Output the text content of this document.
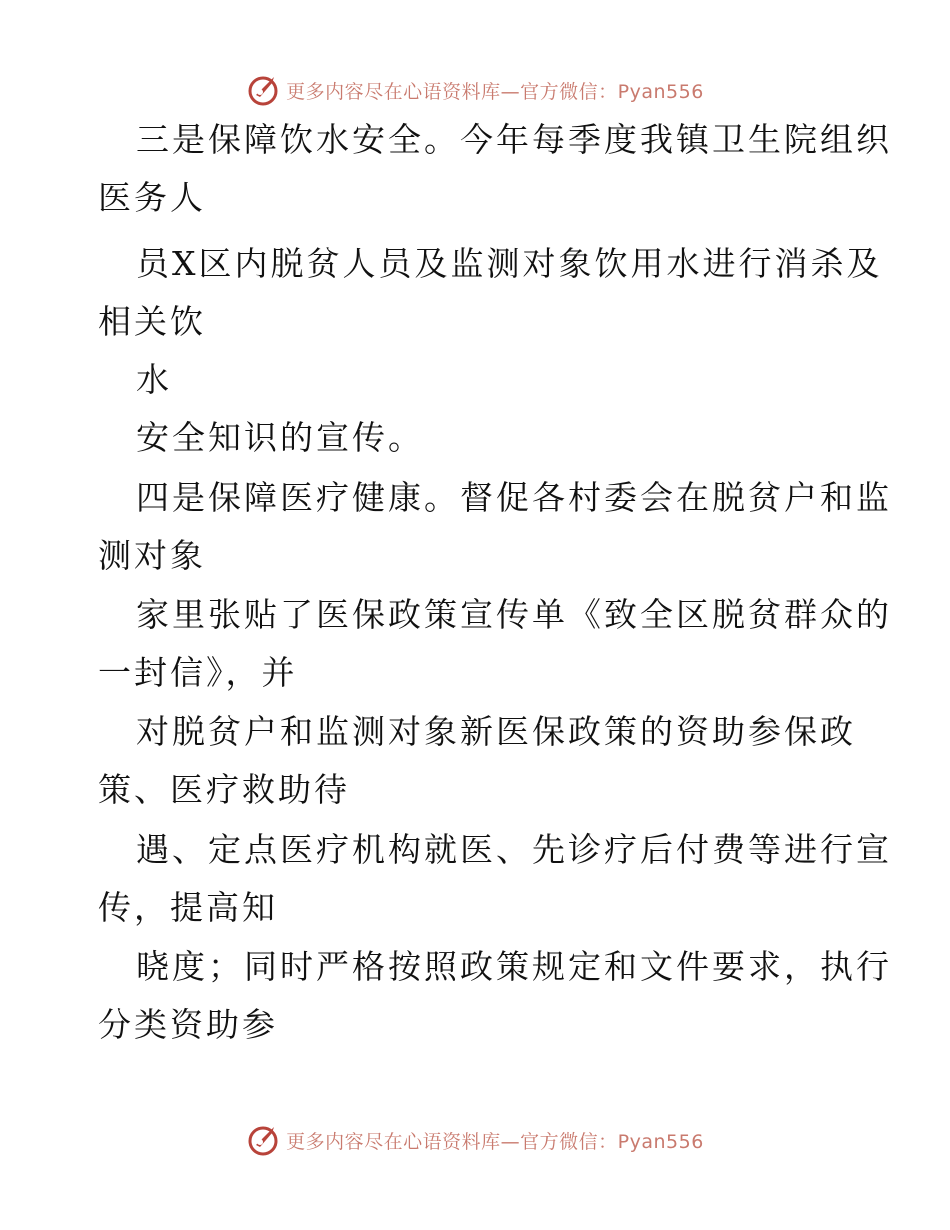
更多内容尽在心语资料库—官方微信：Pyan556
三是保障饮水安全。今年每季度我镇卫生院组织
医务人
员X区内脱贫人员及监测对象饮用水进行消杀及
相关饮
水
安全知识的宣传。
四是保障医疗健康。督促各村委会在脱贫户和监
测对象
家里张贴了医保政策宣传单《致全区脱贫群众的
一封信》，并
对脱贫户和监测对象新医保政策的资助参保政
策、医疗救助待
遇、定点医疗机构就医、先诊疗后付费等进行宣
传，提高知
晓度；同时严格按照政策规定和文件要求，执行
分类资助参
更多内容尽在心语资料库—官方微信：Pyan556
